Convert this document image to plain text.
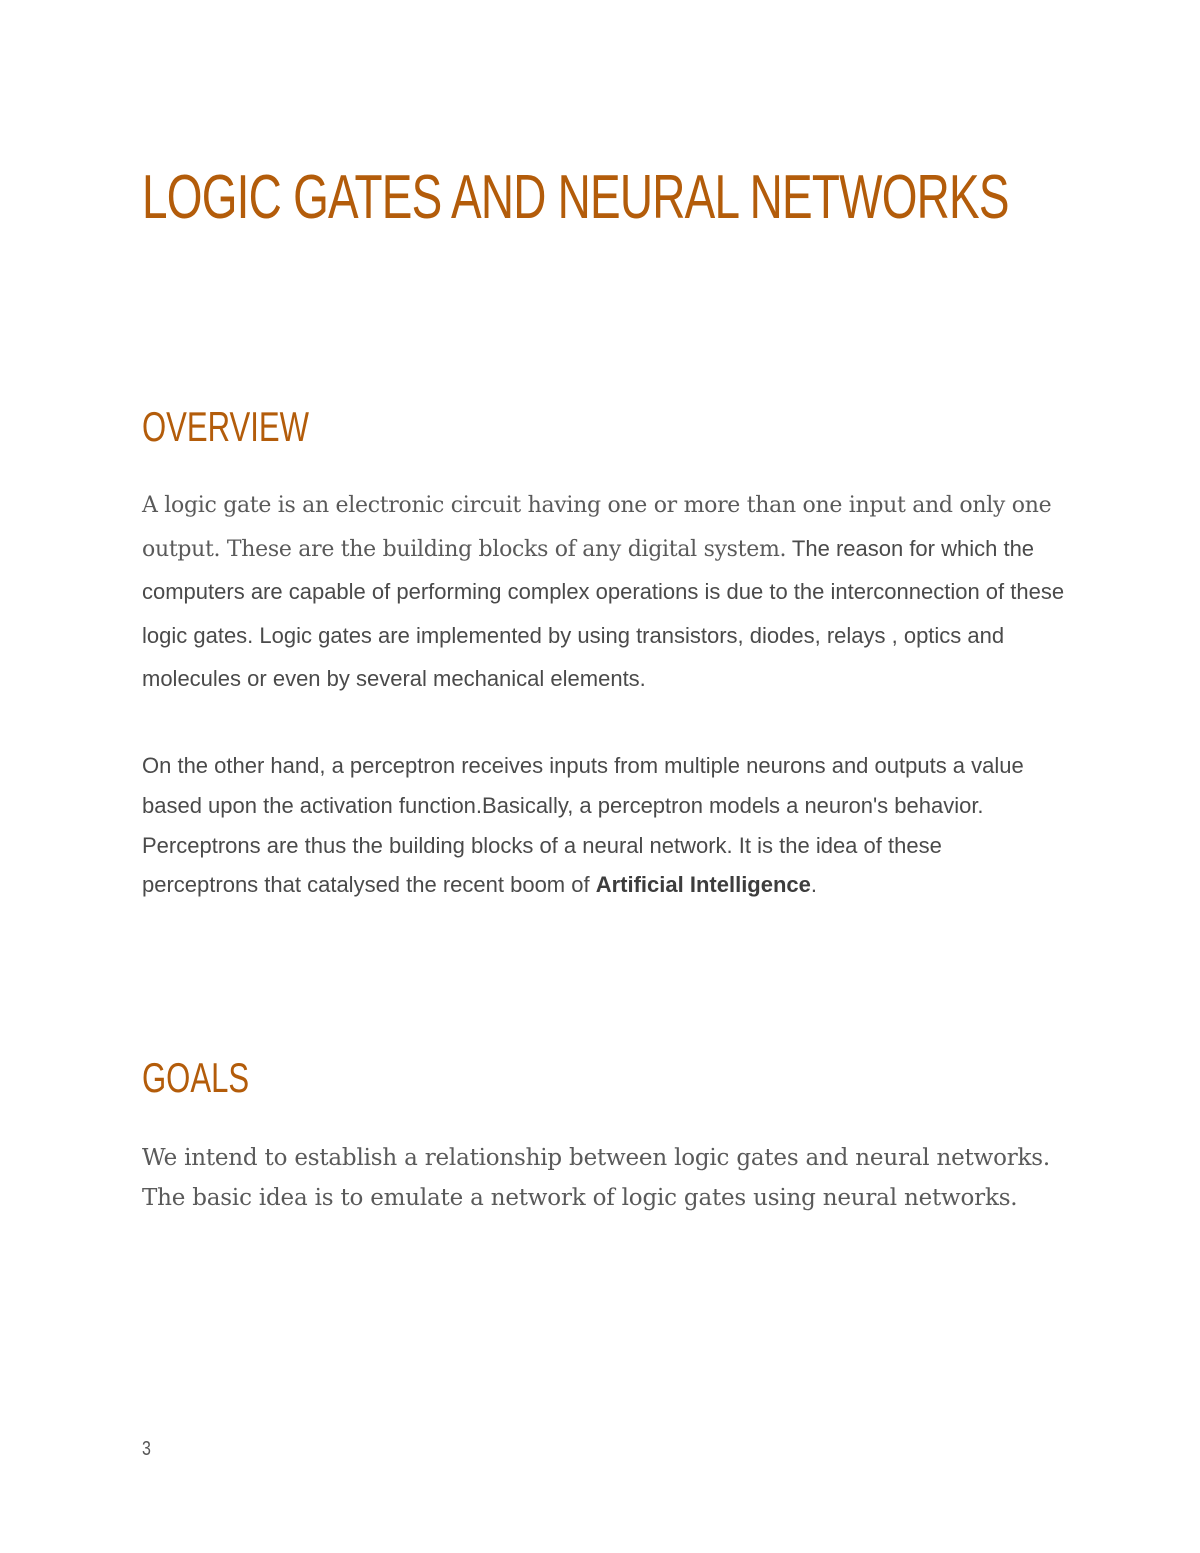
LOGIC GATES AND NEURAL NETWORKS
OVERVIEW

A logic gate is an electronic circuit having one or more than one input and only one output. These are the building blocks of any digital system. The reason for which the computers are capable of performing complex operations is due to the interconnection of these logic gates. Logic gates are implemented by using transistors, diodes, relays , optics and molecules or even by several mechanical elements.

On the other hand, a perceptron receives inputs from multiple neurons and outputs a value based upon the activation function.Basically, a perceptron models a neuron's behavior. Perceptrons are thus the building blocks of a neural network. It is the idea of these perceptrons that catalysed the recent boom of Artificial Intelligence.

GOALS

We intend to establish a relationship between logic gates and neural networks. The basic idea is to emulate a network of logic gates using neural networks.

3
